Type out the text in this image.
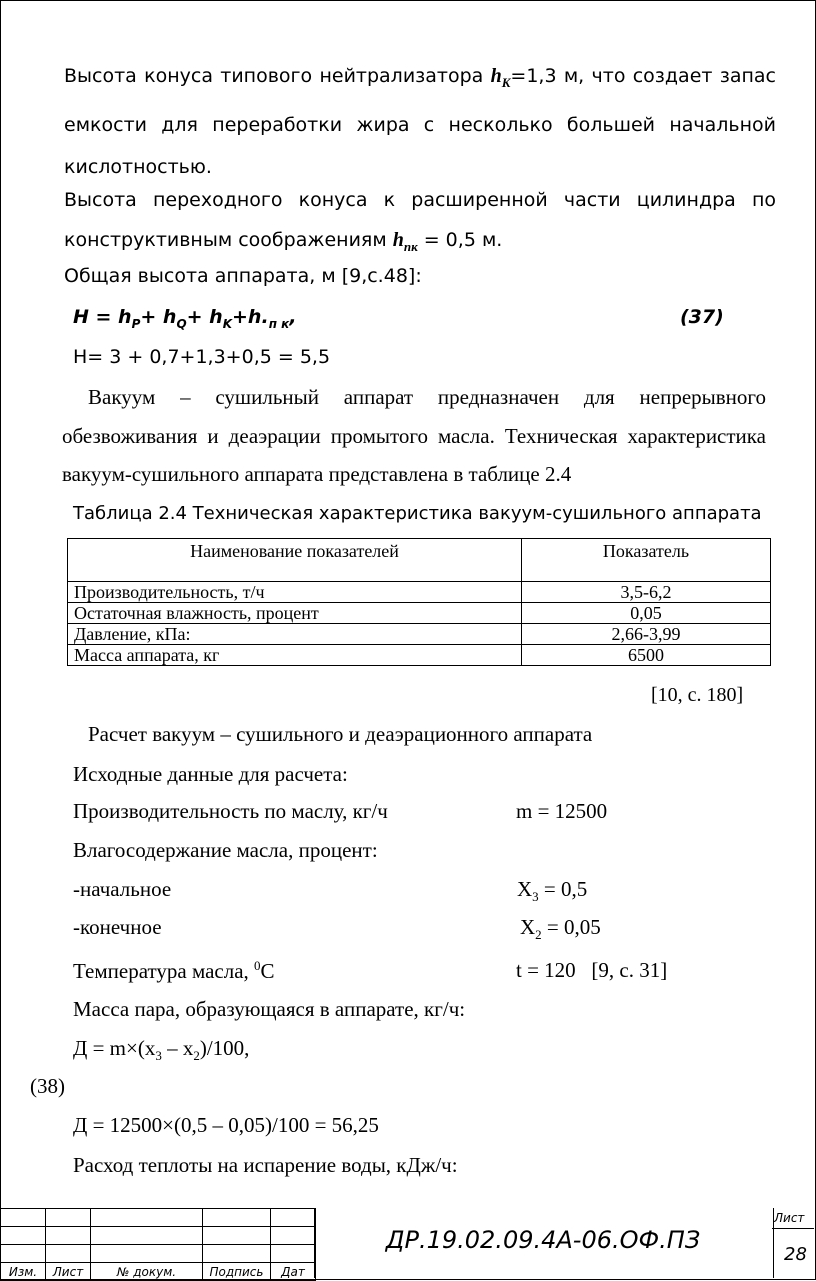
Высота конуса типового нейтрализатора $h_K=1,3$ м, что создает запас емкости для переработки жира с несколько большей начальной кислотностью.
Высота переходного конуса к расширенной части цилиндра по конструктивным соображениям $h_{пк} = 0,5$ м.
Общая высота аппарата, м [9,с.48]:
$H = h_P+ h_Q+ h_K+h._{п к}$,	(37)
H= 3 + 0,7+1,3+0,5 = 5,5
Вакуум – сушильный аппарат предназначен для непрерывного
обезвоживания и деаэрации промытого масла. Техническая характеристика
вакуум-сушильного аппарата представлена в таблице 2.4
Таблица 2.4 Техническая характеристика вакуум-сушильного аппарата
Наименование показателей	Показатель
Производительность, т/ч	3,5-6,2
Остаточная влажность, процент	0,05
Давление, кПа:	2,66-3,99
Масса аппарата, кг	6500
[10, с. 180]
Расчет вакуум – сушильного и деаэрационного аппарата
Исходные данные для расчета:
Производительность по маслу, кг/ч	m = 12500
Влагосодержание масла, процент:
-начальное	$X_3 = 0,5$
-конечное	$X_2 = 0,05$
Температура масла, $^0$С	t = 120   [9, с. 31]
Масса пара, образующаяся в аппарате, кг/ч:
$Д = m\times(x_3 - x_2)/100$,
(38)
Д = 12500×(0,5 – 0,05)/100 = 56,25
Расход теплоты на испарение воды, кДж/ч:

Изм.	Лист	№ докум.	Подпись	Дат
ДР.19.02.09.4А-06.ОФ.ПЗ
Лист
28
